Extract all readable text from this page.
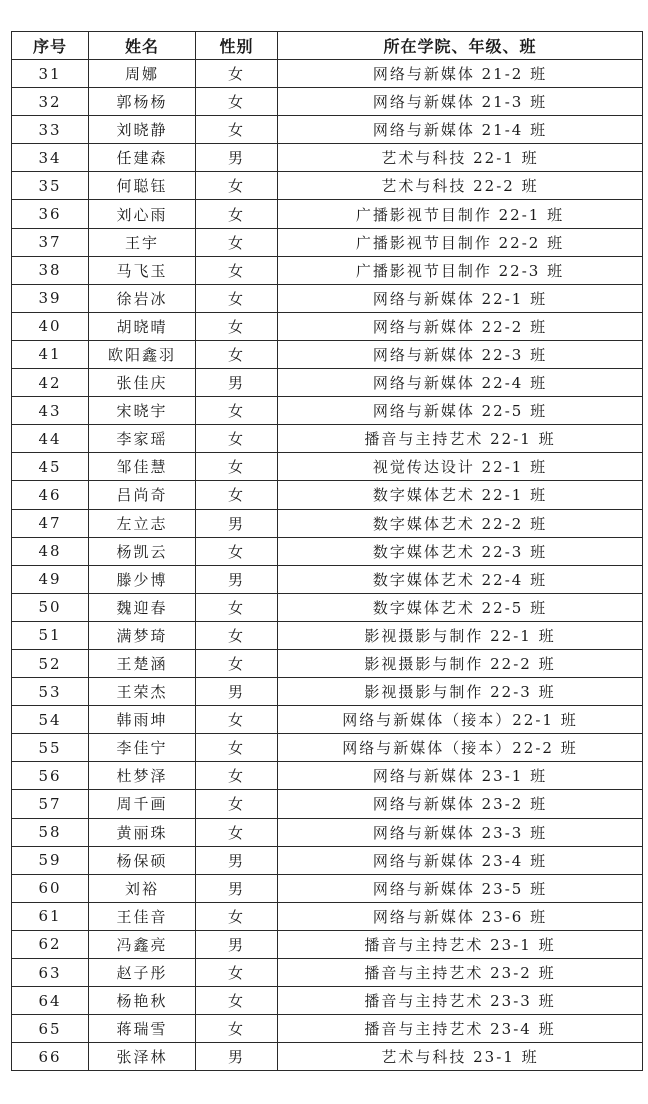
序号	姓名	性别	所在学院、年级、班
31	周娜	女	网络与新媒体 21-2 班
32	郭杨杨	女	网络与新媒体 21-3 班
33	刘晓静	女	网络与新媒体 21-4 班
34	任建森	男	艺术与科技 22-1 班
35	何聪钰	女	艺术与科技 22-2 班
36	刘心雨	女	广播影视节目制作 22-1 班
37	王宇	女	广播影视节目制作 22-2 班
38	马飞玉	女	广播影视节目制作 22-3 班
39	徐岩冰	女	网络与新媒体 22-1 班
40	胡晓晴	女	网络与新媒体 22-2 班
41	欧阳鑫羽	女	网络与新媒体 22-3 班
42	张佳庆	男	网络与新媒体 22-4 班
43	宋晓宇	女	网络与新媒体 22-5 班
44	李家瑶	女	播音与主持艺术 22-1 班
45	邹佳慧	女	视觉传达设计 22-1 班
46	吕尚奇	女	数字媒体艺术 22-1 班
47	左立志	男	数字媒体艺术 22-2 班
48	杨凯云	女	数字媒体艺术 22-3 班
49	滕少博	男	数字媒体艺术 22-4 班
50	魏迎春	女	数字媒体艺术 22-5 班
51	满梦琦	女	影视摄影与制作 22-1 班
52	王楚涵	女	影视摄影与制作 22-2 班
53	王荣杰	男	影视摄影与制作 22-3 班
54	韩雨坤	女	网络与新媒体（接本）22-1 班
55	李佳宁	女	网络与新媒体（接本）22-2 班
56	杜梦泽	女	网络与新媒体 23-1 班
57	周千画	女	网络与新媒体 23-2 班
58	黄丽珠	女	网络与新媒体 23-3 班
59	杨保硕	男	网络与新媒体 23-4 班
60	刘裕	男	网络与新媒体 23-5 班
61	王佳音	女	网络与新媒体 23-6 班
62	冯鑫亮	男	播音与主持艺术 23-1 班
63	赵子彤	女	播音与主持艺术 23-2 班
64	杨艳秋	女	播音与主持艺术 23-3 班
65	蒋瑞雪	女	播音与主持艺术 23-4 班
66	张泽林	男	艺术与科技 23-1 班
